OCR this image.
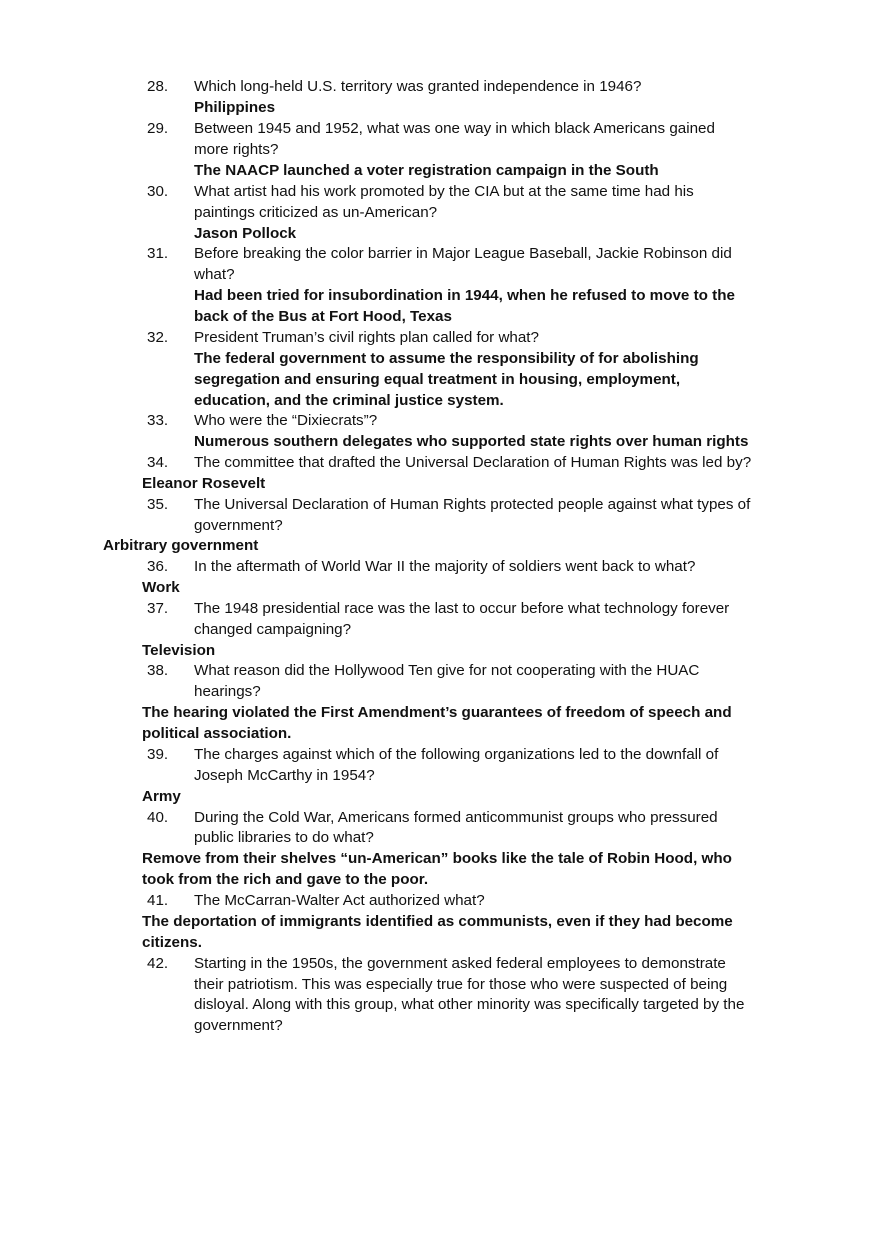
28. Which long-held U.S. territory was granted independence in 1946?
Philippines
29. Between 1945 and 1952, what was one way in which black Americans gained
more rights?
The NAACP launched a voter registration campaign in the South
30. What artist had his work promoted by the CIA but at the same time had his
paintings criticized as un-American?
Jason Pollock
31. Before breaking the color barrier in Major League Baseball, Jackie Robinson did
what?
Had been tried for insubordination in 1944, when he refused to move to the
back of the Bus at Fort Hood, Texas
32. President Truman’s civil rights plan called for what?
The federal government to assume the responsibility of for abolishing
segregation and ensuring equal treatment in housing, employment,
education, and the criminal justice system.
33. Who were the “Dixiecrats”?
Numerous southern delegates who supported state rights over human rights
34. The committee that drafted the Universal Declaration of Human Rights was led by?
Eleanor Rosevelt
35. The Universal Declaration of Human Rights protected people against what types of
government?
Arbitrary government
36. In the aftermath of World War II the majority of soldiers went back to what?
Work
37. The 1948 presidential race was the last to occur before what technology forever
changed campaigning?
Television
38. What reason did the Hollywood Ten give for not cooperating with the HUAC
hearings?
The hearing violated the First Amendment’s guarantees of freedom of speech and
political association.
39. The charges against which of the following organizations led to the downfall of
Joseph McCarthy in 1954?
Army
40. During the Cold War, Americans formed anticommunist groups who pressured
public libraries to do what?
Remove from their shelves “un-American” books like the tale of Robin Hood, who
took from the rich and gave to the poor.
41. The McCarran-Walter Act authorized what?
The deportation of immigrants identified as communists, even if they had become
citizens.
42. Starting in the 1950s, the government asked federal employees to demonstrate
their patriotism. This was especially true for those who were suspected of being
disloyal. Along with this group, what other minority was specifically targeted by the
government?
